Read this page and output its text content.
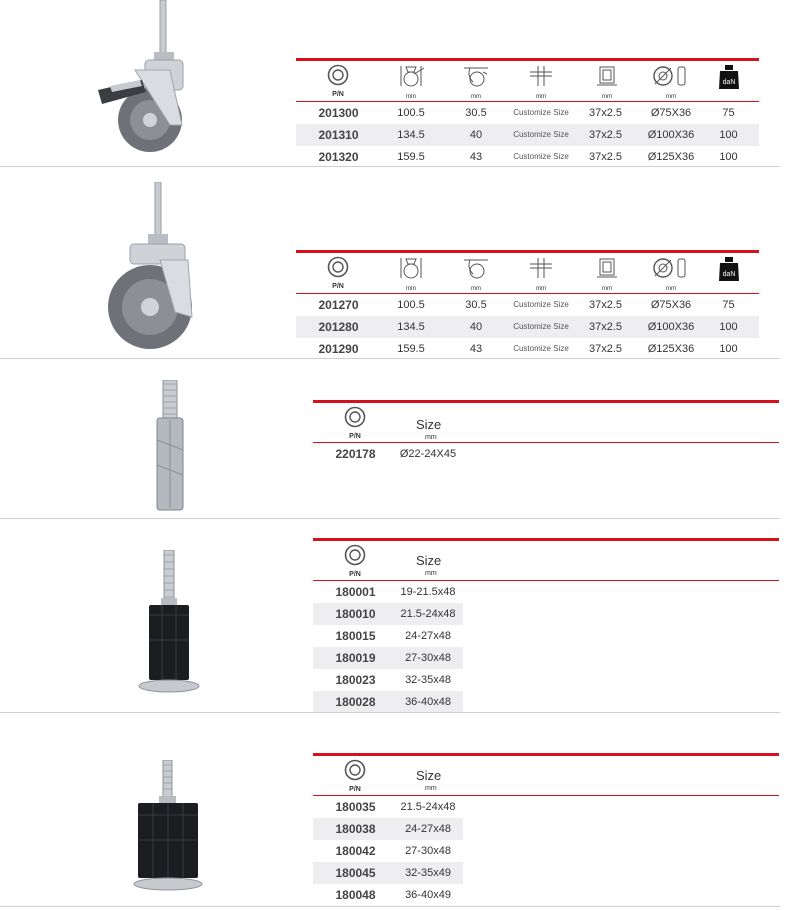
P/N	mm	mm	mm	mm	mm
daN
201300	100.5	30.5	Customize Size	37x2.5	Ø75X36	75
201310	134.5	40	Customize Size	37x2.5	Ø100X36	100
201320	159.5	43	Customize Size	37x2.5	Ø125X36	100
P/N	mm	mm	mm	mm	mm
daN
201270	100.5	30.5	Customize Size	37x2.5	Ø75X36	75
201280	134.5	40	Customize Size	37x2.5	Ø100X36	100
201290	159.5	43	Customize Size	37x2.5	Ø125X36	100
P/N
Size
mm
220178	Ø22-24X45
P/N
Size
mm
180001	19-21.5x48
180010	21.5-24x48
180015	24-27x48
180019	27-30x48
180023	32-35x48
180028	36-40x48
P/N
Size
mm
180035	21.5-24x48
180038	24-27x48
180042	27-30x48
180045	32-35x49
180048	36-40x49
